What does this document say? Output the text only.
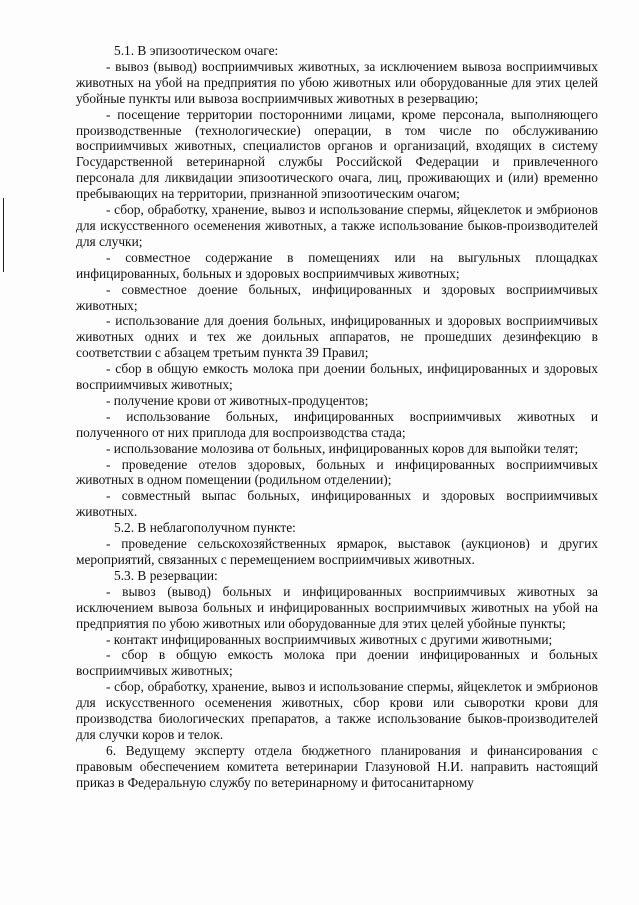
5.1. В эпизоотическом очаге:

- вывоз (вывод) восприимчивых животных, за исключением вывоза восприимчивых животных на убой на предприятия по убою животных или оборудованные для этих целей убойные пункты или вывоза восприимчивых животных в резервацию;

- посещение территории посторонними лицами, кроме персонала, выполняющего производственные (технологические) операции, в том числе по обслуживанию восприимчивых животных, специалистов органов и организаций, входящих в систему Государственной ветеринарной службы Российской Федерации и привлеченного персонала для ликвидации эпизоотического очага, лиц, проживающих и (или) временно пребывающих на территории, признанной эпизоотическим очагом;

- сбор, обработку, хранение, вывоз и использование спермы, яйцеклеток и эмбрионов для искусственного осеменения животных, а также использование быков-производителей для случки;

- совместное содержание в помещениях или на выгульных площадках инфицированных, больных и здоровых восприимчивых животных;

- совместное доение больных, инфицированных и здоровых восприимчивых животных;

- использование для доения больных, инфицированных и здоровых восприимчивых животных одних и тех же доильных аппаратов, не прошедших дезинфекцию в соответствии с абзацем третьим пункта 39 Правил;

- сбор в общую емкость молока при доении больных, инфицированных и здоровых восприимчивых животных;

- получение крови от животных-продуцентов;

- использование больных, инфицированных восприимчивых животных и полученного от них приплода для воспроизводства стада;

- использование молозива от больных, инфицированных коров для выпойки телят;

- проведение отелов здоровых, больных и инфицированных восприимчивых животных в одном помещении (родильном отделении);

- совместный выпас больных, инфицированных и здоровых восприимчивых животных.

5.2. В неблагополучном пункте:

- проведение сельскохозяйственных ярмарок, выставок (аукционов) и других мероприятий, связанных с перемещением восприимчивых животных.

5.3. В резервации:

- вывоз (вывод) больных и инфицированных восприимчивых животных за исключением вывоза больных и инфицированных восприимчивых животных на убой на предприятия по убою животных или оборудованные для этих целей убойные пункты;

- контакт инфицированных восприимчивых животных с другими животными;

- сбор в общую емкость молока при доении инфицированных и больных восприимчивых животных;

- сбор, обработку, хранение, вывоз и использование спермы, яйцеклеток и эмбрионов для искусственного осеменения животных, сбор крови или сыворотки крови для производства биологических препаратов, а также использование быков-производителей для случки коров и телок.

6. Ведущему эксперту отдела бюджетного планирования и финансирования с правовым обеспечением комитета ветеринарии Глазуновой Н.И. направить настоящий приказ в Федеральную службу по ветеринарному и фитосанитарному
